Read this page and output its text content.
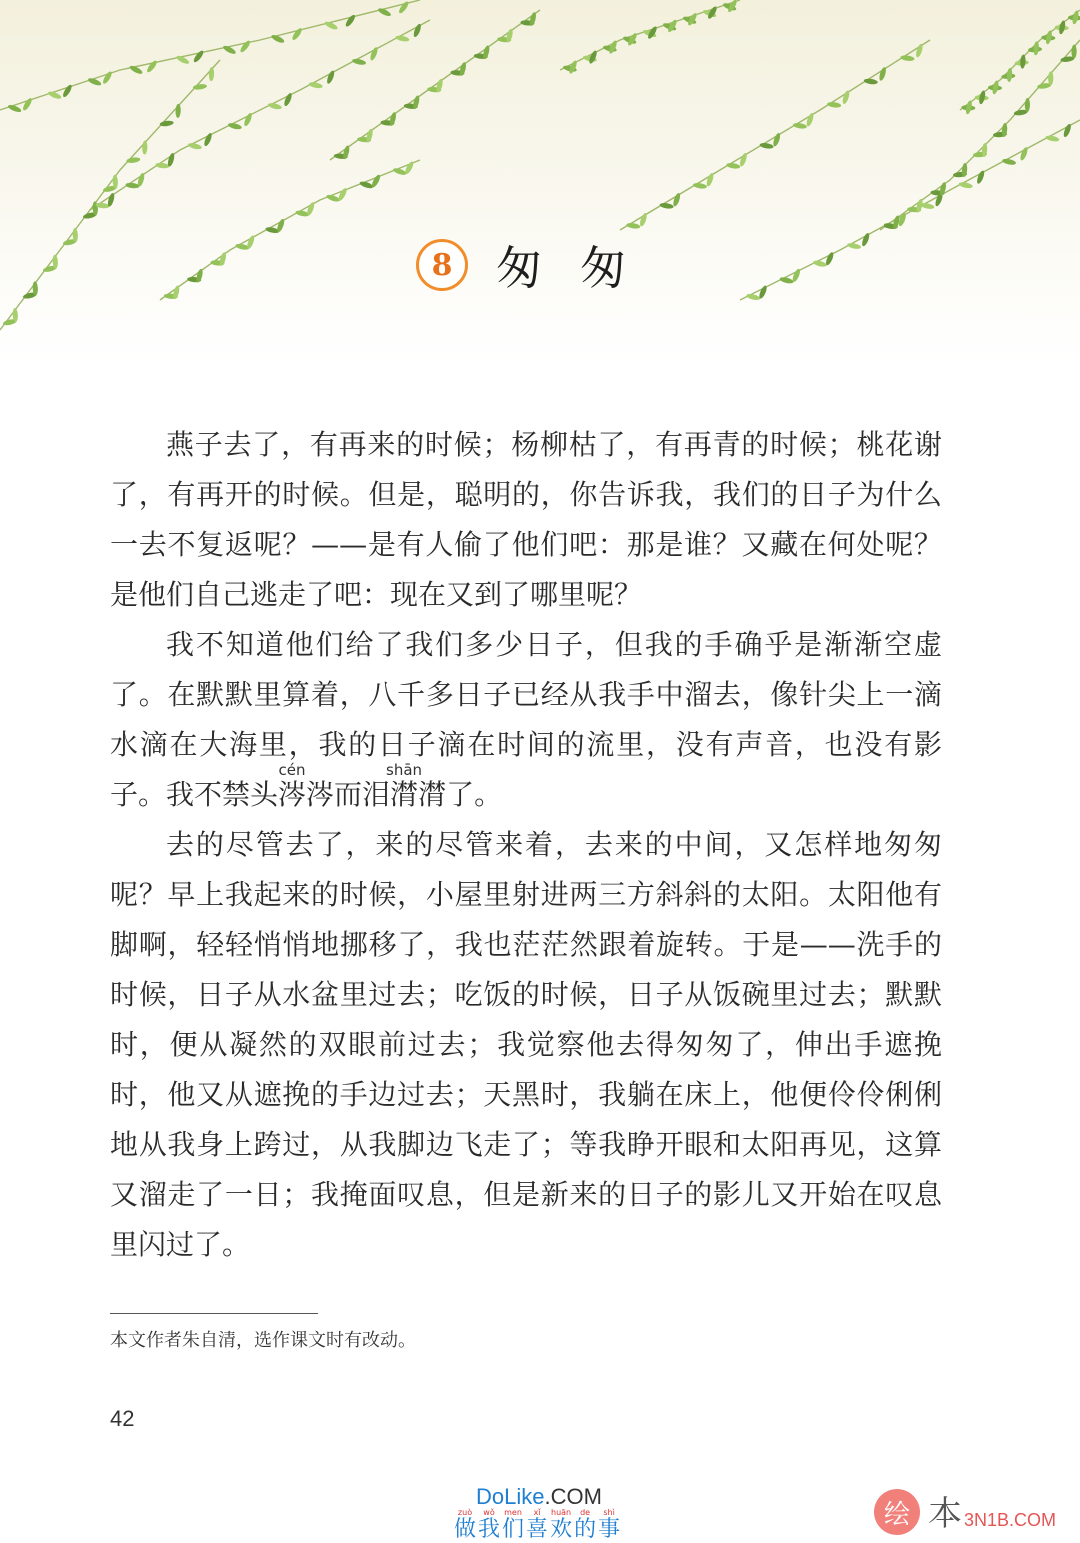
8 匆匆

燕子去了，有再来的时候；杨柳枯了，有再青的时候；桃花谢了，有再开的时候。但是，聪明的，你告诉我，我们的日子为什么一去不复返呢？——是有人偷了他们吧：那是谁？又藏在何处呢？是他们自己逃走了吧：现在又到了哪里呢？

我不知道他们给了我们多少日子，但我的手确乎是渐渐空虚了。在默默里算着，八千多日子已经从我手中溜去，像针尖上一滴水滴在大海里，我的日子滴在时间的流里，没有声音，也没有影子。我不禁头涔cén涔而泪潸shān潸了。

去的尽管去了，来的尽管来着，去来的中间，又怎样地匆匆呢？早上我起来的时候，小屋里射进两三方斜斜的太阳。太阳他有脚啊，轻轻悄悄地挪移了，我也茫茫然跟着旋转。于是——洗手的时候，日子从水盆里过去；吃饭的时候，日子从饭碗里过去；默默时，便从凝然的双眼前过去；我觉察他去得匆匆了，伸出手遮挽时，他又从遮挽的手边过去；天黑时，我躺在床上，他便伶伶俐俐地从我身上跨过，从我脚边飞走了；等我睁开眼和太阳再见，这算又溜走了一日；我掩面叹息，但是新来的日子的影儿又开始在叹息里闪过了。

本文作者朱自清，选作课文时有改动。
42
DoLike.COM
做zuò
我wǒ
们men
喜xǐ
欢huān
的de
事shì	绘 本 3N1B.COM
